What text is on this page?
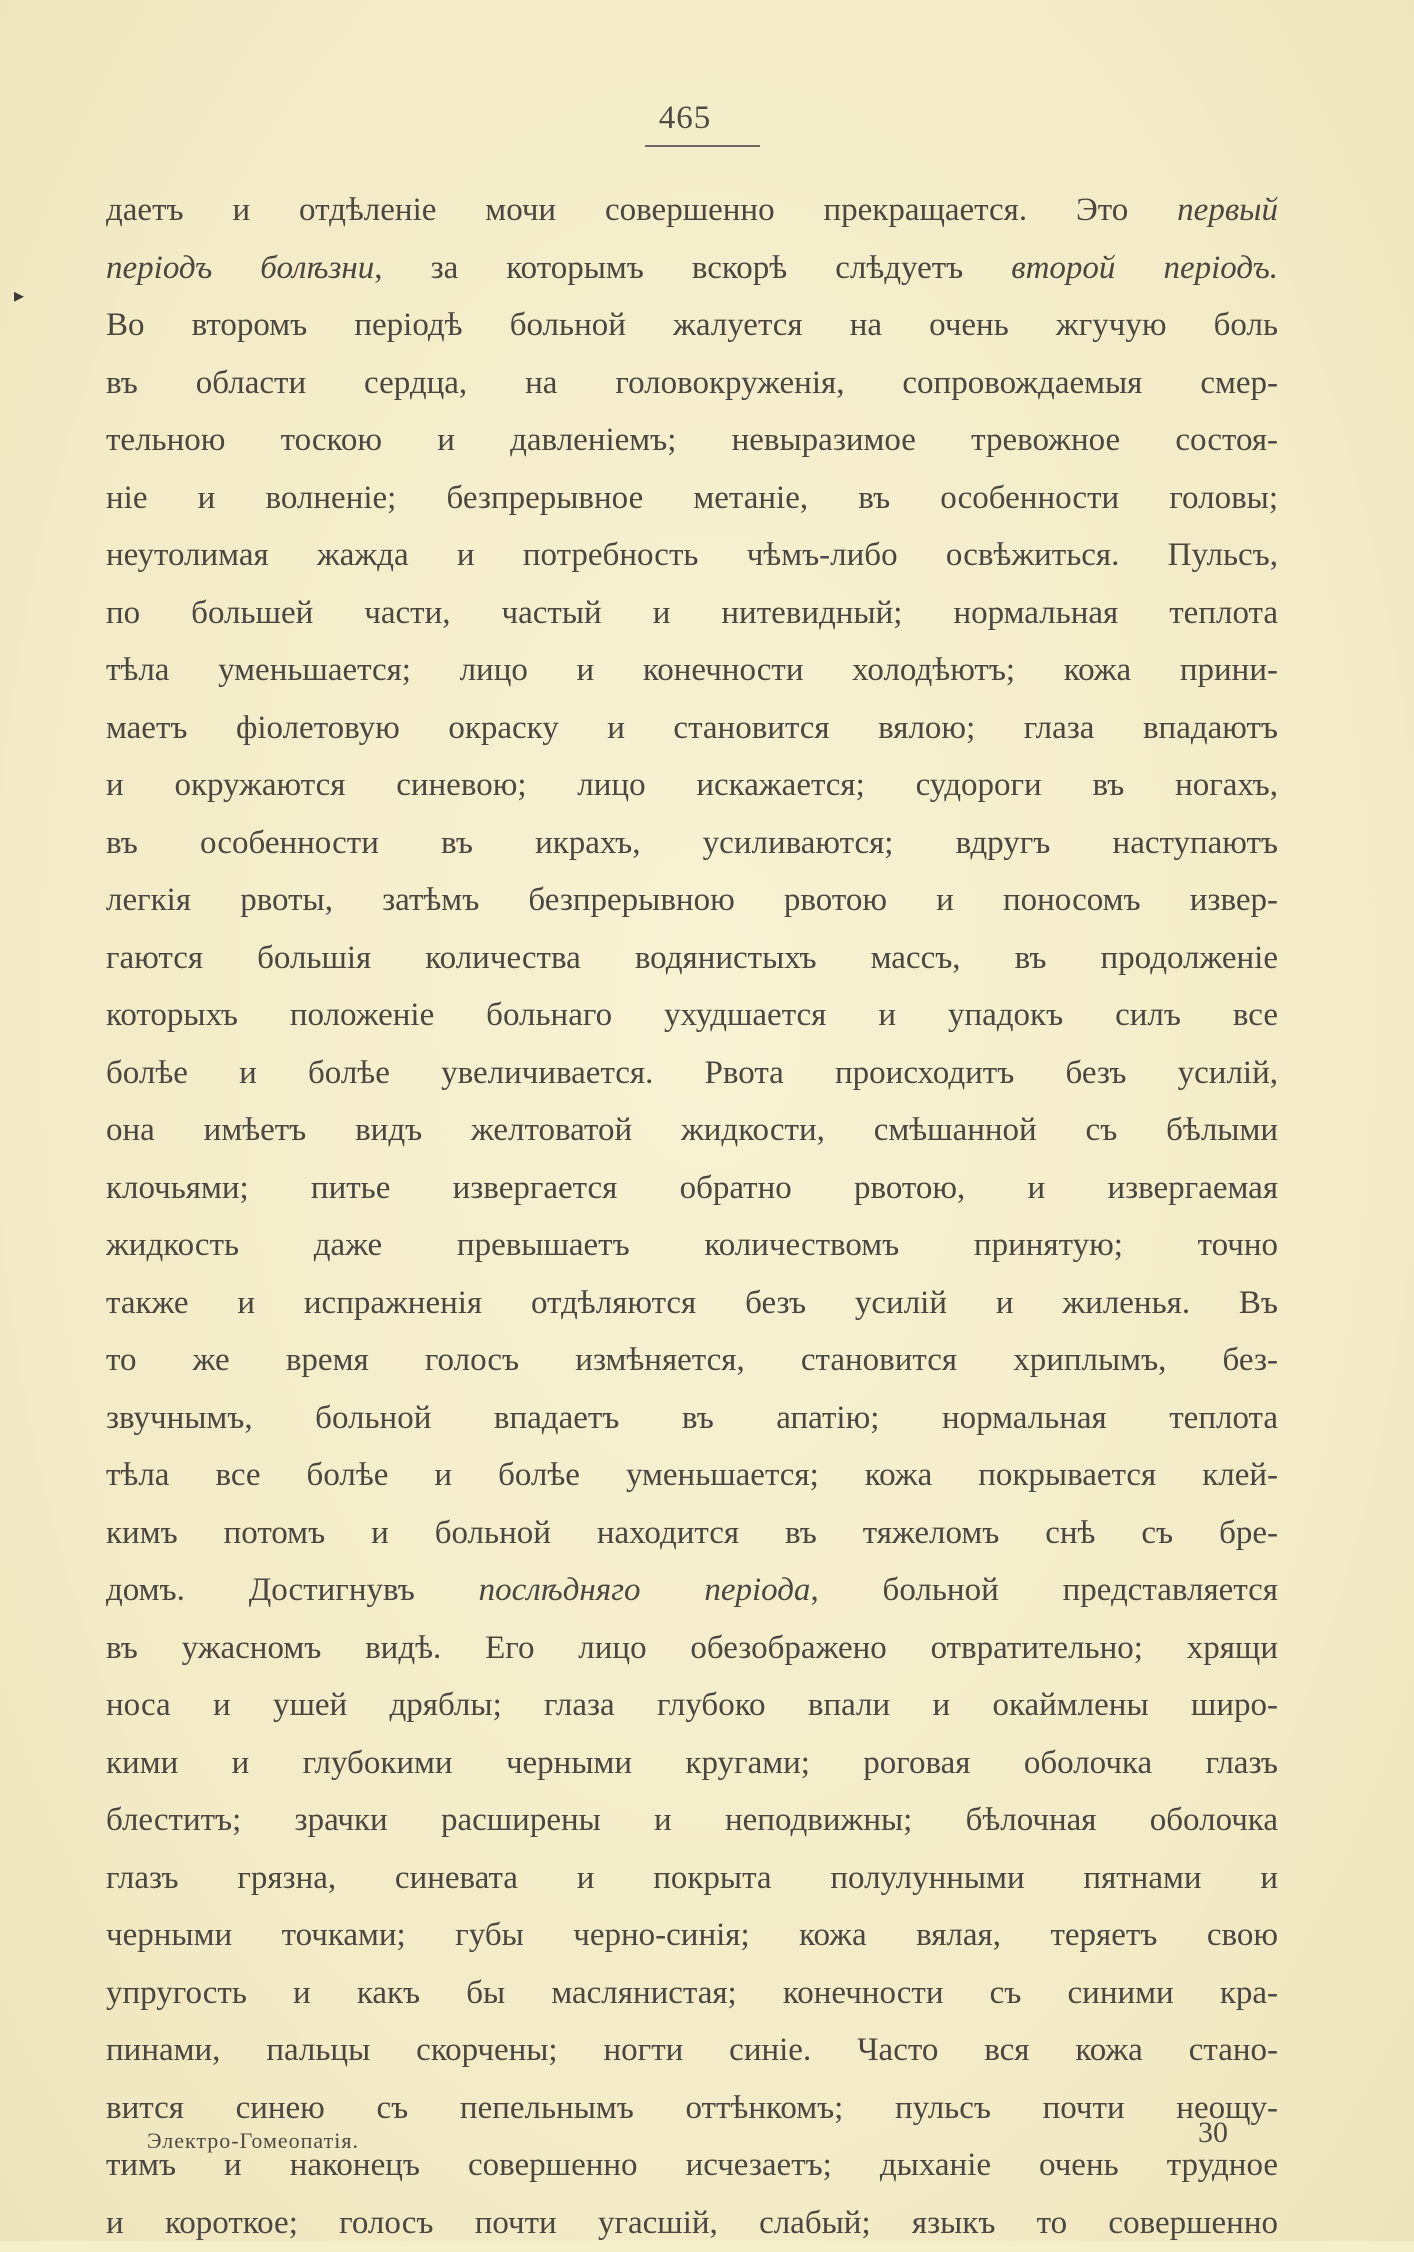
465
▸
даетъ и отдѣленіе мочи совершенно прекращается. Это первый
періодъ болѣзни, за которымъ вскорѣ слѣдуетъ второй періодъ.
Во второмъ періодѣ больной жалуется на очень жгучую боль
въ области сердца, на головокруженія, сопровождаемыя смер-
тельною тоскою и давленіемъ; невыразимое тревожное состоя-
ніе и волненіе; безпрерывное метаніе, въ особенности головы;
неутолимая жажда и потребность чѣмъ-либо освѣжиться. Пульсъ,
по большей части, частый и нитевидный; нормальная теплота
тѣла уменьшается; лицо и конечности холодѣютъ; кожа прини-
маетъ фіолетовую окраску и становится вялою; глаза впадаютъ
и окружаются синевою; лицо искажается; судороги въ ногахъ,
въ особенности въ икрахъ, усиливаются; вдругъ наступаютъ
легкія рвоты, затѣмъ безпрерывною рвотою и поносомъ извер-
гаются большія количества водянистыхъ массъ, въ продолженіе
которыхъ положеніе больнаго ухудшается и упадокъ силъ все
болѣе и болѣе увеличивается. Рвота происходитъ безъ усилій,
она имѣетъ видъ желтоватой жидкости, смѣшанной съ бѣлыми
клочьями; питье извергается обратно рвотою, и извергаемая
жидкость даже превышаетъ количествомъ принятую; точно
также и испражненія отдѣляются безъ усилій и жиленья. Въ
то же время голосъ измѣняется, становится хриплымъ, без-
звучнымъ, больной впадаетъ въ апатію; нормальная теплота
тѣла все болѣе и болѣе уменьшается; кожа покрывается клей-
кимъ потомъ и больной находится въ тяжеломъ снѣ съ бре-
домъ. Достигнувъ послѣдняго періода, больной представляется
въ ужасномъ видѣ. Его лицо обезображено отвратительно; хрящи
носа и ушей дряблы; глаза глубоко впали и окаймлены широ-
кими и глубокими черными кругами; роговая оболочка глазъ
блеститъ; зрачки расширены и неподвижны; бѣлочная оболочка
глазъ грязна, синевата и покрыта полулунными пятнами и
черными точками; губы черно-синія; кожа вялая, теряетъ свою
упругость и какъ бы маслянистая; конечности съ синими кра-
пинами, пальцы скорчены; ногти синіе. Часто вся кожа стано-
вится синею съ пепельнымъ оттѣнкомъ; пульсъ почти неощу-
тимъ и наконецъ совершенно исчезаетъ; дыханіе очень трудное
и короткое; голосъ почти угасшій, слабый; языкъ то совершенно
Электро-Гомеопатія.	30
